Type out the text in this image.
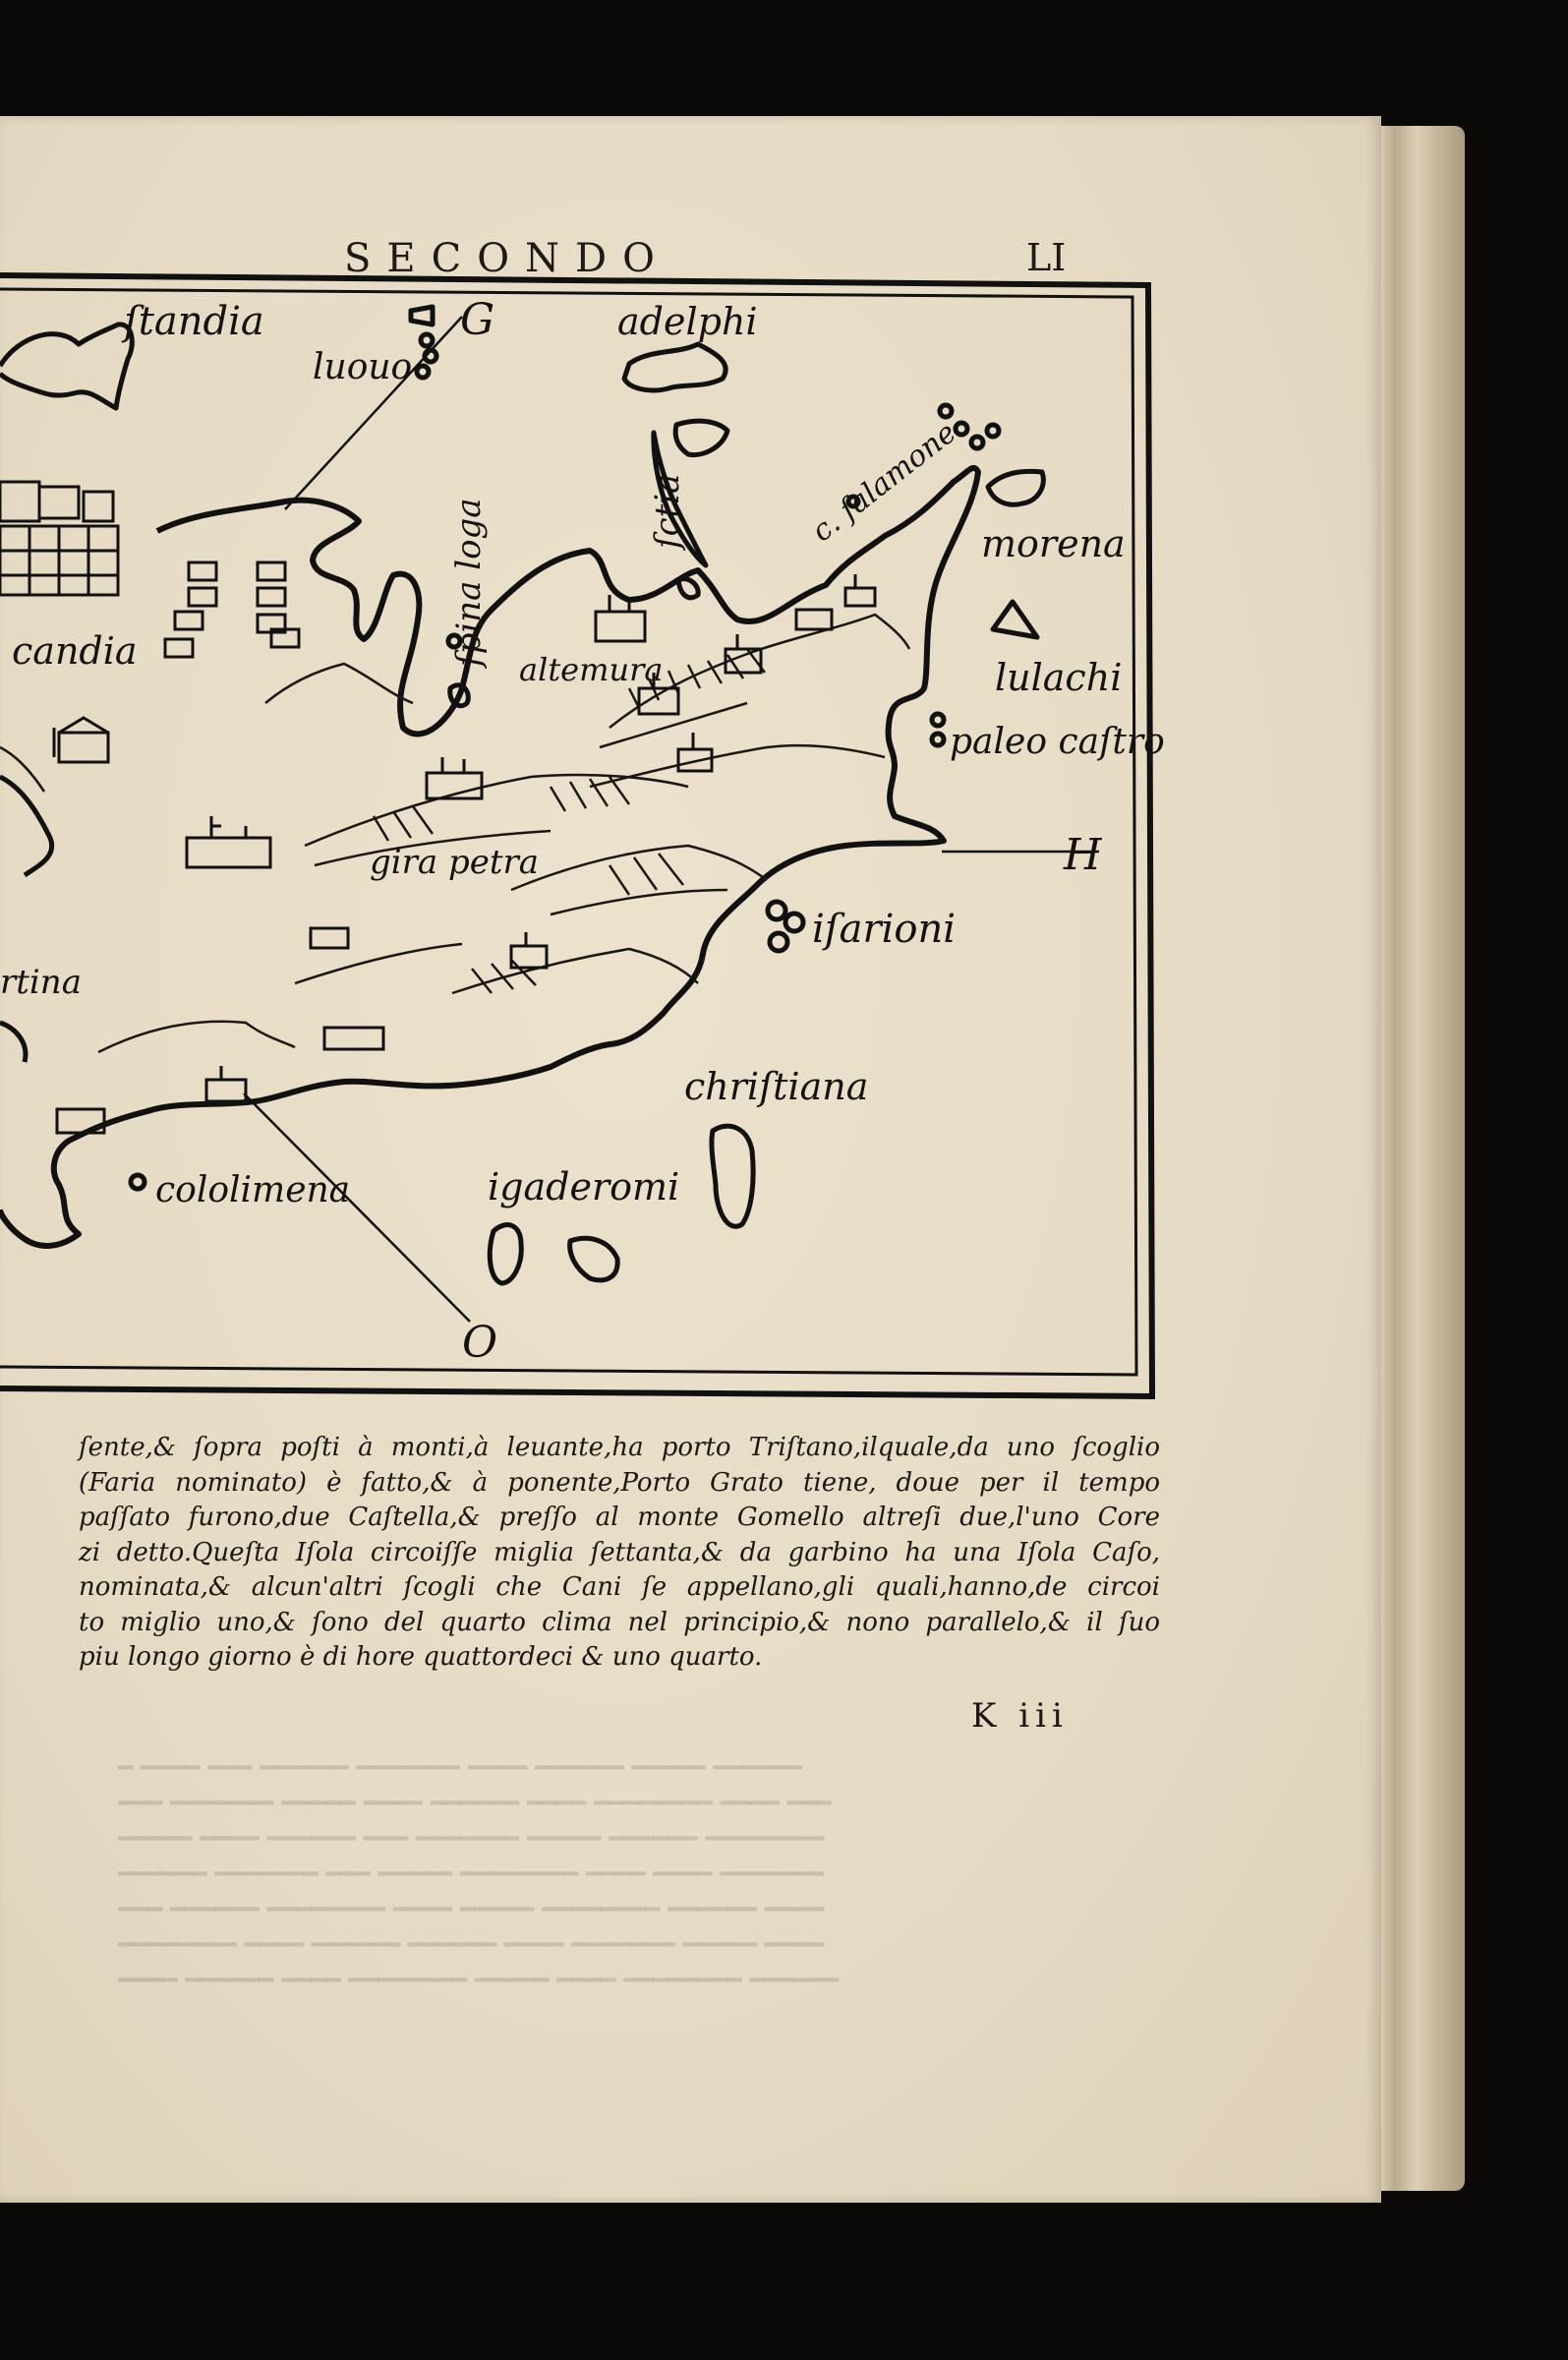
━ ━━━━ ━━━ ━━━━━━ ━━━━━━━ ━━━━ ━━━━━━ ━━━━━ ━━━━━━
━━━ ━━━━━━━ ━━━━━ ━━━━ ━━━━━━ ━━━━ ━━━━━━━━ ━━━━ ━━━
━━━━━ ━━━━ ━━━━━━ ━━━ ━━━━━━━ ━━━━━ ━━━━━━ ━━━━━━━━
━━━━━━ ━━━━━━━ ━━━ ━━━━━ ━━━━━━━━ ━━━━ ━━━━ ━━━━━━━
━━━ ━━━━━━ ━━━━━━━━ ━━━━ ━━━━━ ━━━━━━━━ ━━━━━━ ━━━━
━━━━━━━━ ━━━━ ━━━━━━ ━━━━━━ ━━━━ ━━━━━━━ ━━━━━ ━━━━
━━━━ ━━━━━━ ━━━━ ━━━━━━━━ ━━━━━ ━━━━ ━━━━━━━━ ━━━━━━
SECONDO	LI
G
H
O
ſtandia
luouo
adelphi
ſpina loga	ſctia	c. ſalamone morena
lulachi
paleo caſtro
candia	altemura
gira petra
iſarioni
rtina
chriſtiana
igaderomi
cololimena
ſente,& ſopra poſti à monti,à leuante,ha porto Triſtano,ilquale,da uno ſcoglio
(Faria nominato) è fatto,& à ponente,Porto Grato tiene, doue per il tempo
paſſato furono,due Caſtella,& preſſo al monte Gomello altreſi due,l'uno Core
zi detto.Queſta Iſola circoiſſe miglia ſettanta,& da garbino ha una Iſola Caſo,
nominata,& alcun'altri ſcogli che Cani ſe appellano,gli quali,hanno,de circoi
to miglio uno,& ſono del quarto clima nel principio,& nono parallelo,& il ſuo
piu longo giorno è di hore quattordeci & uno quarto.
K iii
